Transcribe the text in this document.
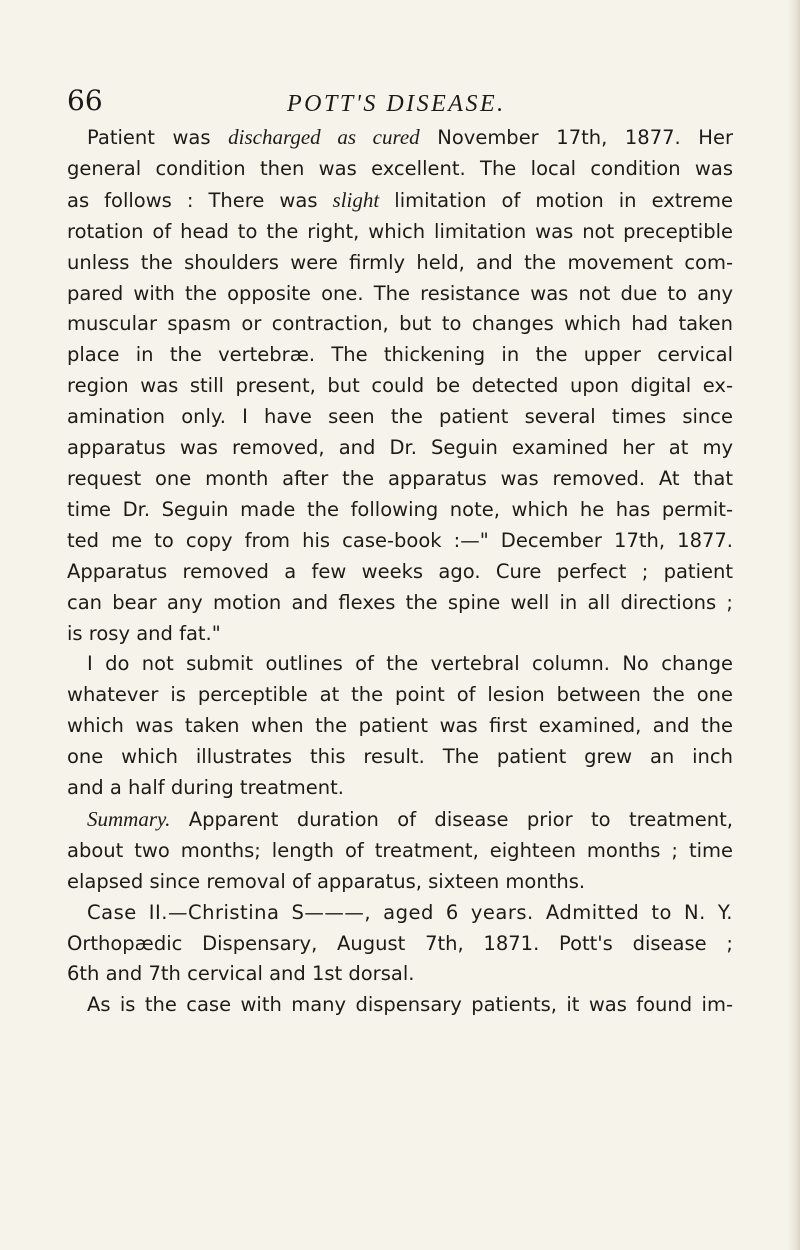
66	POTT'S DISEASE.
Patient was discharged as cured November 17th, 1877. Her
general condition then was excellent. The local condition was
as follows : There was slight limitation of motion in extreme
rotation of head to the right, which limitation was not preceptible
unless the shoulders were firmly held, and the movement com-
pared with the opposite one. The resistance was not due to any
muscular spasm or contraction, but to changes which had taken
place in the vertebræ. The thickening in the upper cervical
region was still present, but could be detected upon digital ex-
amination only. I have seen the patient several times since
apparatus was removed, and Dr. Seguin examined her at my
request one month after the apparatus was removed. At that
time Dr. Seguin made the following note, which he has permit-
ted me to copy from his case-book :—" December 17th, 1877.
Apparatus removed a few weeks ago. Cure perfect ; patient
can bear any motion and flexes the spine well in all directions ;
is rosy and fat."
I do not submit outlines of the vertebral column. No change
whatever is perceptible at the point of lesion between the one
which was taken when the patient was first examined, and the
one which illustrates this result. The patient grew an inch
and a half during treatment.
Summary. Apparent duration of disease prior to treatment,
about two months; length of treatment, eighteen months ; time
elapsed since removal of apparatus, sixteen months.
Case II.—Christina S———, aged 6 years. Admitted to N. Y.
Orthopædic Dispensary, August 7th, 1871. Pott's disease ;
6th and 7th cervical and 1st dorsal.
As is the case with many dispensary patients, it was found im-
